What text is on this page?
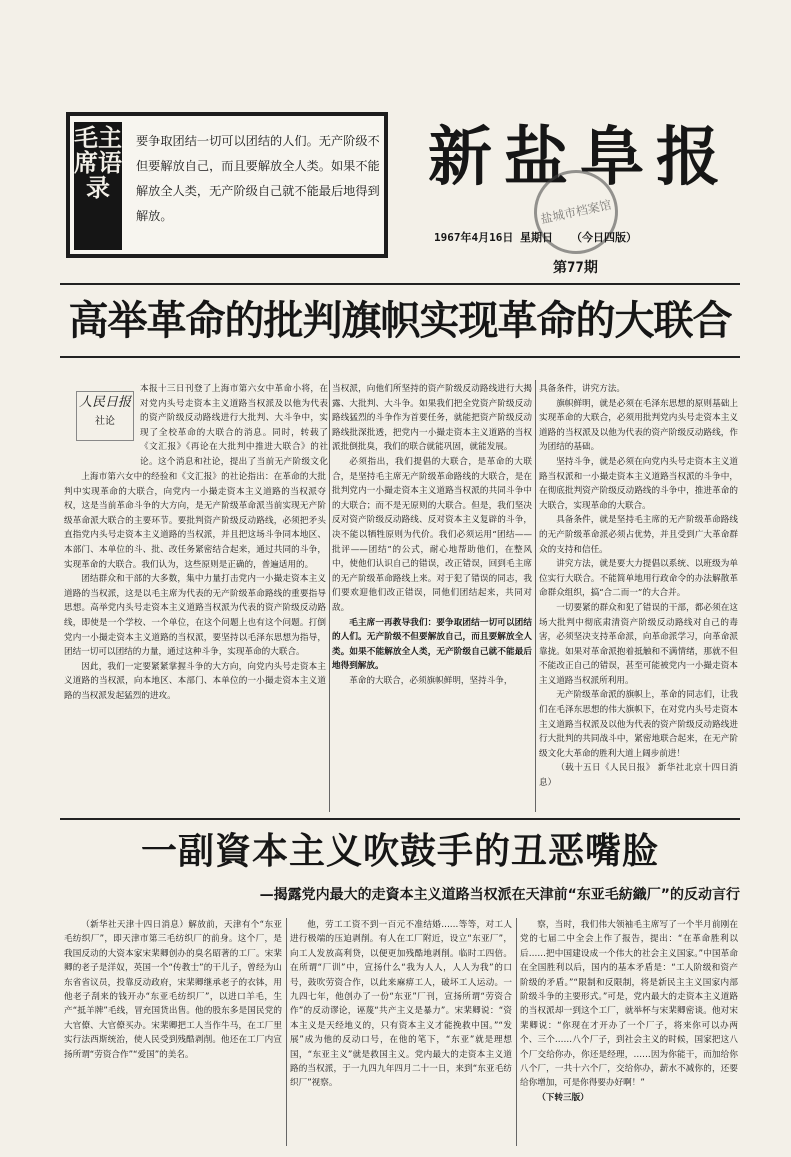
毛主席语录
要争取团结一切可以团结的人们。无产阶级不但要解放自己，而且要解放全人类。如果不能解放全人类，无产阶级自己就不能最后地得到解放。
新盐阜报
盐城市档案馆
1967年4月16日 星期日 （今日四版）
第77期
高举革命的批判旗帜实现革命的大联合
人民日报
社论

本报十三日刊登了上海市第六女中革命小将，在对党内头号走资本主义道路当权派及以他为代表的资产阶级反动路线进行大批判、大斗争中，实现了全校革命的大联合的消息。同时，转载了《文汇报》《再论在大批判中推进大联合》的社论。这个消息和社论，提出了当前无产阶级文化

上海市第六女中的经验和《文汇报》的社论指出：在革命的大批判中实现革命的大联合，向党内一小撮走资本主义道路的当权派夺权，这是当前革命斗争的大方向，是无产阶级革命派当前实现无产阶级革命派大联合的主要环节。要批判资产阶级反动路线，必须把矛头直指党内头号走资本主义道路的当权派，并且把这场斗争同本地区、本部门、本单位的斗、批、改任务紧密结合起来，通过共同的斗争，实现革命的大联合。我们认为，这些原则是正确的，普遍适用的。

团结群众和干部的大多数，集中力量打击党内一小撮走资本主义道路的当权派，这是以毛主席为代表的无产阶级革命路线的重要指导思想。高举党内头号走资本主义道路当权派为代表的资产阶级反动路线，即使是一个学校、一个单位，在这个问题上也有这个问题。打倒党内一小撮走资本主义道路的当权派，要坚持以毛泽东思想为指导，团结一切可以团结的力量，通过这种斗争，实现革命的大联合。

因此，我们一定要紧紧掌握斗争的大方向，向党内头号走资本主义道路的当权派，向本地区、本部门、本单位的一小撮走资本主义道路的当权派发起猛烈的进攻。

当权派，向他们所坚持的资产阶级反动路线进行大揭露、大批判、大斗争。如果我们把全党资产阶级反动路线猛烈的斗争作为首要任务，就能把资产阶级反动路线批深批透，把党内一小撮走资本主义道路的当权派批倒批臭，我们的联合就能巩固，就能发展。

必须指出，我们提倡的大联合，是革命的大联合，是坚持毛主席无产阶级革命路线的大联合，是在批判党内一小撮走资本主义道路当权派的共同斗争中的大联合；而不是无原则的大联合。但是，我们坚决反对资产阶级反动路线、反对资本主义复辟的斗争，决不能以牺牲原则为代价。我们必须运用“团结——批评——团结”的公式，耐心地帮助他们，在整风中，使他们认识自己的错误，改正错误，回到毛主席的无产阶级革命路线上来。对于犯了错误的同志，我们要欢迎他们改正错误，同他们团结起来，共同对敌。

毛主席一再教导我们：要争取团结一切可以团结的人们。无产阶级不但要解放自己，而且要解放全人类。如果不能解放全人类，无产阶级自己就不能最后地得到解放。

革命的大联合，必须旗帜鲜明，坚持斗争，

具备条件，讲究方法。

旗帜鲜明，就是必须在毛泽东思想的原则基础上实现革命的大联合，必须用批判党内头号走资本主义道路的当权派及以他为代表的资产阶级反动路线，作为团结的基础。

坚持斗争，就是必须在向党内头号走资本主义道路当权派和一小撮走资本主义道路当权派的斗争中，在彻底批判资产阶级反动路线的斗争中，推进革命的大联合，实现革命的大联合。

具备条件，就是坚持毛主席的无产阶级革命路线的无产阶级革命派必须占优势，并且受到广大革命群众的支持和信任。

讲究方法，就是要大力提倡以系统、以班级为单位实行大联合。不能简单地用行政命令的办法解散革命群众组织，搞“合二而一”的大合并。

一切要紧的群众和犯了错误的干部，都必须在这场大批判中彻底肃清资产阶级反动路线对自己的毒害，必须坚决支持革命派，向革命派学习，向革命派靠拢。如果对革命派抱着抵触和不满情绪，那就不但不能改正自己的错误，甚至可能被党内一小撮走资本主义道路当权派所利用。

无产阶级革命派的旗帜上，革命的同志们，让我们在毛泽东思想的伟大旗帜下，在对党内头号走资本主义道路当权派及以他为代表的资产阶级反动路线进行大批判的共同战斗中，紧密地联合起来，在无产阶级文化大革命的胜利大道上阔步前进！

（载十五日《人民日报》 新华社北京十四日消息）

一副資本主义吹鼓手的丑恶嘴脸
—揭露党内最大的走資本主义道路当权派在天津前“东亚毛紡織厂”的反动言行

（新华社天津十四日消息）解放前，天津有个“东亚毛纺织厂”，即天津市第三毛纺织厂的前身。这个厂，是我国反动的大资本家宋棐卿创办的臭名昭著的工厂。宋棐卿的老子是洋奴，英国一个“传教士”的干儿子，曾经为山东省省议员，投靠反动政府，宋棐卿继承老子的衣钵，用他老子刮来的钱开办“东亚毛纺织厂”，以进口羊毛，生产“抵羊牌”毛线，冒充国货出售。他的股东多是国民党的大官僚、大官僚买办。宋棐卿把工人当作牛马，在工厂里实行法西斯统治，使人民受到残酷剥削。他还在工厂内宣扬所谓“劳资合作”“爱国”的美名。

他，劳工工资不到一百元不准结婚……等等，对工人进行极端的压迫剥削。有人在工厂附近，设立“东亚厂”，向工人发放高利贷，以便更加残酷地剥削。临时工四倍。在所谓“厂训”中，宣扬什么“我为人人，人人为我”的口号，鼓吹劳资合作，以此来麻痹工人，破坏工人运动。一九四七年，他创办了一份“东亚”厂刊，宣扬所谓“劳资合作”的反动谬论，诬蔑“共产主义是暴力”。宋棐卿说：“资本主义是天经地义的，只有资本主义才能挽救中国。”“发展”成为他的反动口号，在他的笔下，“东亚”就是理想国，“东亚主义”就是救国主义。党内最大的走资本主义道路的当权派，于一九四九年四月二十一日，来到“东亚毛纺织厂”视察。

察，当时，我们伟大领袖毛主席写了一个半月前刚在党的七届二中全会上作了报告，提出：“在革命胜利以后……把中国建设成一个伟大的社会主义国家。”中国革命在全国胜利以后，国内的基本矛盾是：“工人阶级和资产阶级的矛盾。”“限制和反限制，将是新民主主义国家内部阶级斗争的主要形式。”可是，党内最大的走资本主义道路的当权派却一到这个工厂，就举杯与宋棐卿密谈。他对宋棐卿说：“你现在才开办了一个厂子，将来你可以办两个、三个……八个厂子，到社会主义的时候，国家把这八个厂交给你办，你还是经理，……因为你能干，而加给你八个厂，一共十六个厂，交给你办，薪水不减你的，还要给你增加，可是你得要办好啊！”

（下转三版）
